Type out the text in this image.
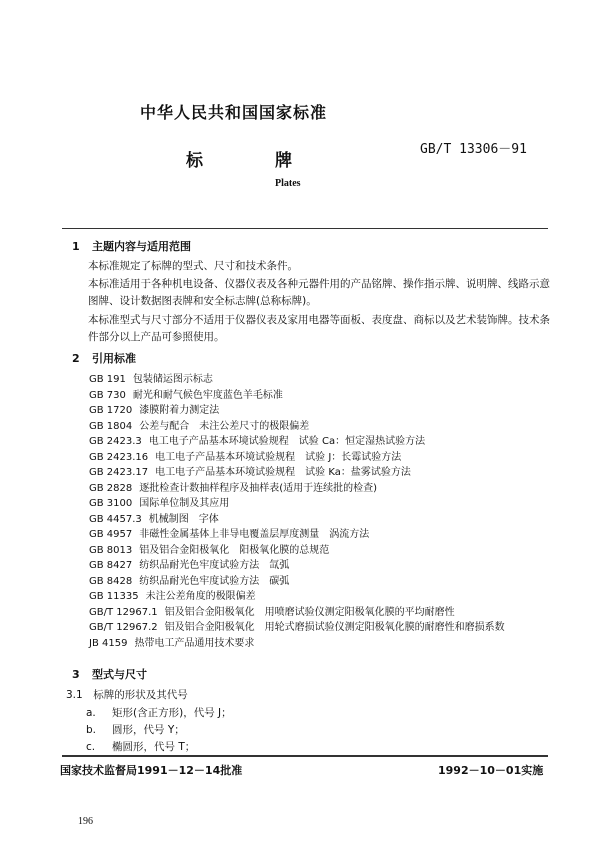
中华人民共和国国家标准
标	牌
GB/T 13306－91
Plates
1 主题内容与适用范围
本标准规定了标牌的型式、尺寸和技术条件。
本标准适用于各种机电设备、仪器仪表及各种元器件用的产品铭牌、操作指示牌、说明牌、线路示意图牌、设计数据图表牌和安全标志牌(总称标牌)。
本标准型式与尺寸部分不适用于仪器仪表及家用电器等面板、表度盘、商标以及艺术装饰牌。技术条件部分以上产品可参照使用。
2 引用标准
GB 191 包装储运图示标志
GB 730 耐光和耐气候色牢度蓝色羊毛标准
GB 1720 漆膜附着力测定法
GB 1804 公差与配合　未注公差尺寸的极限偏差
GB 2423.3 电工电子产品基本环境试验规程　试验 Ca：恒定湿热试验方法
GB 2423.16 电工电子产品基本环境试验规程　试验 J：长霉试验方法
GB 2423.17 电工电子产品基本环境试验规程　试验 Ka：盐雾试验方法
GB 2828 逐批检查计数抽样程序及抽样表(适用于连续批的检查)
GB 3100 国际单位制及其应用
GB 4457.3 机械制图　字体
GB 4957 非磁性金属基体上非导电覆盖层厚度测量　涡流方法
GB 8013 铝及铝合金阳极氧化　阳极氧化膜的总规范
GB 8427 纺织品耐光色牢度试验方法　氙弧
GB 8428 纺织品耐光色牢度试验方法　碳弧
GB 11335 未注公差角度的极限偏差
GB/T 12967.1 铝及铝合金阳极氧化　用喷磨试验仪测定阳极氧化膜的平均耐磨性
GB/T 12967.2 铝及铝合金阳极氧化　用轮式磨损试验仪测定阳极氧化膜的耐磨性和磨损系数
JB 4159 热带电工产品通用技术要求
3 型式与尺寸
3.1　 标牌的形状及其代号
a. 矩形(含正方形)，代号 J；
b. 圆形，代号 Y；
c. 椭圆形，代号 T；
国家技术监督局1991－12－14批准	1992－10－01实施
196
